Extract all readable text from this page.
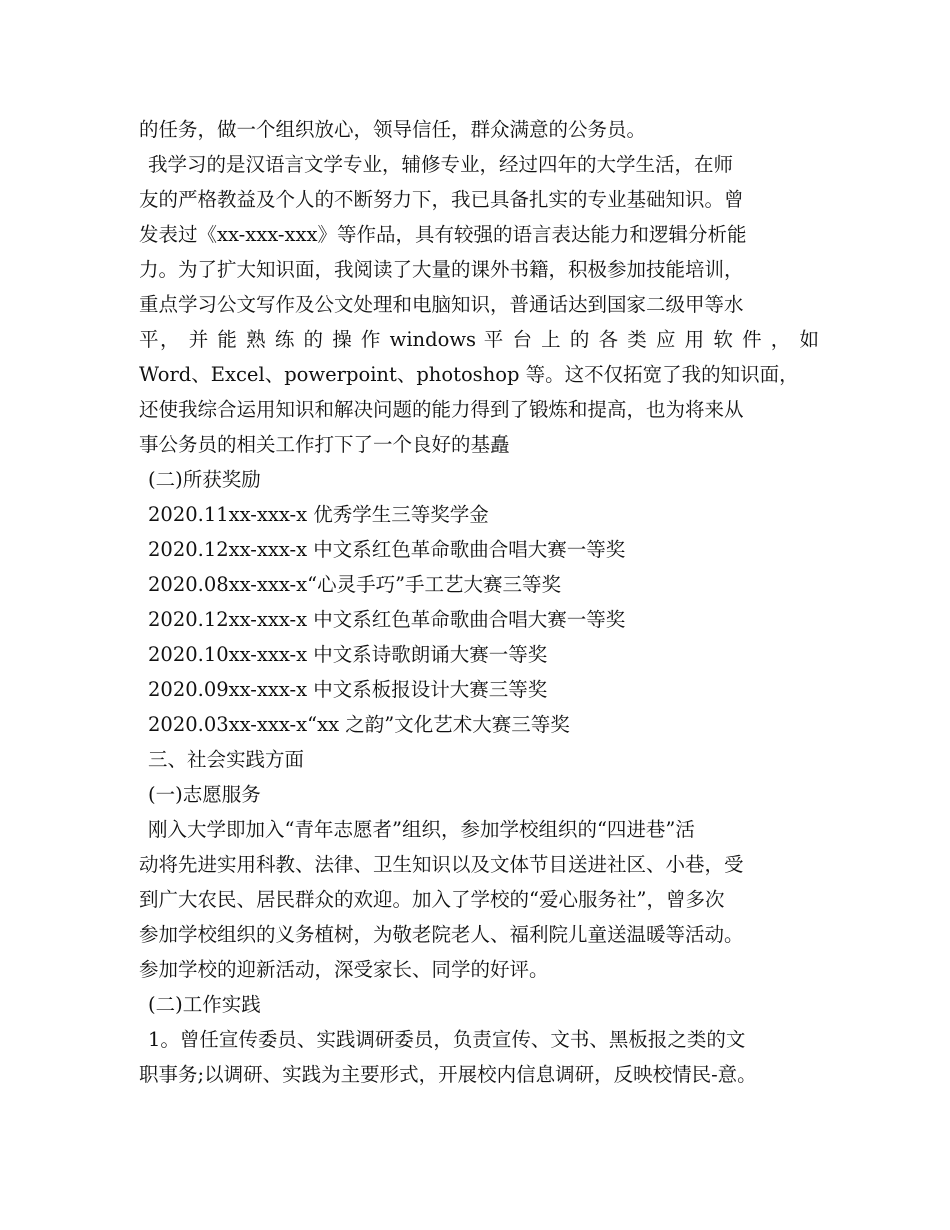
的任务，做一个组织放心，领导信任，群众满意的公务员。
我学习的是汉语言文学专业，辅修专业，经过四年的大学生活，在师
友的严格教益及个人的不断努力下，我已具备扎实的专业基础知识。曾
发表过《xx-xxx-xxx》等作品，具有较强的语言表达能力和逻辑分析能
力。为了扩大知识面，我阅读了大量的课外书籍，积极参加技能培训，
重点学习公文写作及公文处理和电脑知识，普通话达到国家二级甲等水
平， 并 能 熟 练 的 操 作 windows 平 台 上 的 各 类 应 用 软 件 ， 如
Word、Excel、powerpoint、photoshop 等。这不仅拓宽了我的知识面，
还使我综合运用知识和解决问题的能力得到了锻炼和提高，也为将来从
事公务员的相关工作打下了一个良好的基矗
(二)所获奖励
2020.11xx-xxx-x 优秀学生三等奖学金
2020.12xx-xxx-x 中文系红色革命歌曲合唱大赛一等奖
2020.08xx-xxx-x“心灵手巧”手工艺大赛三等奖
2020.12xx-xxx-x 中文系红色革命歌曲合唱大赛一等奖
2020.10xx-xxx-x 中文系诗歌朗诵大赛一等奖
2020.09xx-xxx-x 中文系板报设计大赛三等奖
2020.03xx-xxx-x“xx 之韵”文化艺术大赛三等奖
三、社会实践方面
(一)志愿服务
刚入大学即加入“青年志愿者”组织，参加学校组织的“四进巷”活
动将先进实用科教、法律、卫生知识以及文体节目送进社区、小巷，受
到广大农民、居民群众的欢迎。加入了学校的“爱心服务社”，曾多次
参加学校组织的义务植树，为敬老院老人、福利院儿童送温暖等活动。
参加学校的迎新活动，深受家长、同学的好评。
(二)工作实践
1。曾任宣传委员、实践调研委员，负责宣传、文书、黑板报之类的文
职事务;以调研、实践为主要形式，开展校内信息调研，反映校情民-意。
